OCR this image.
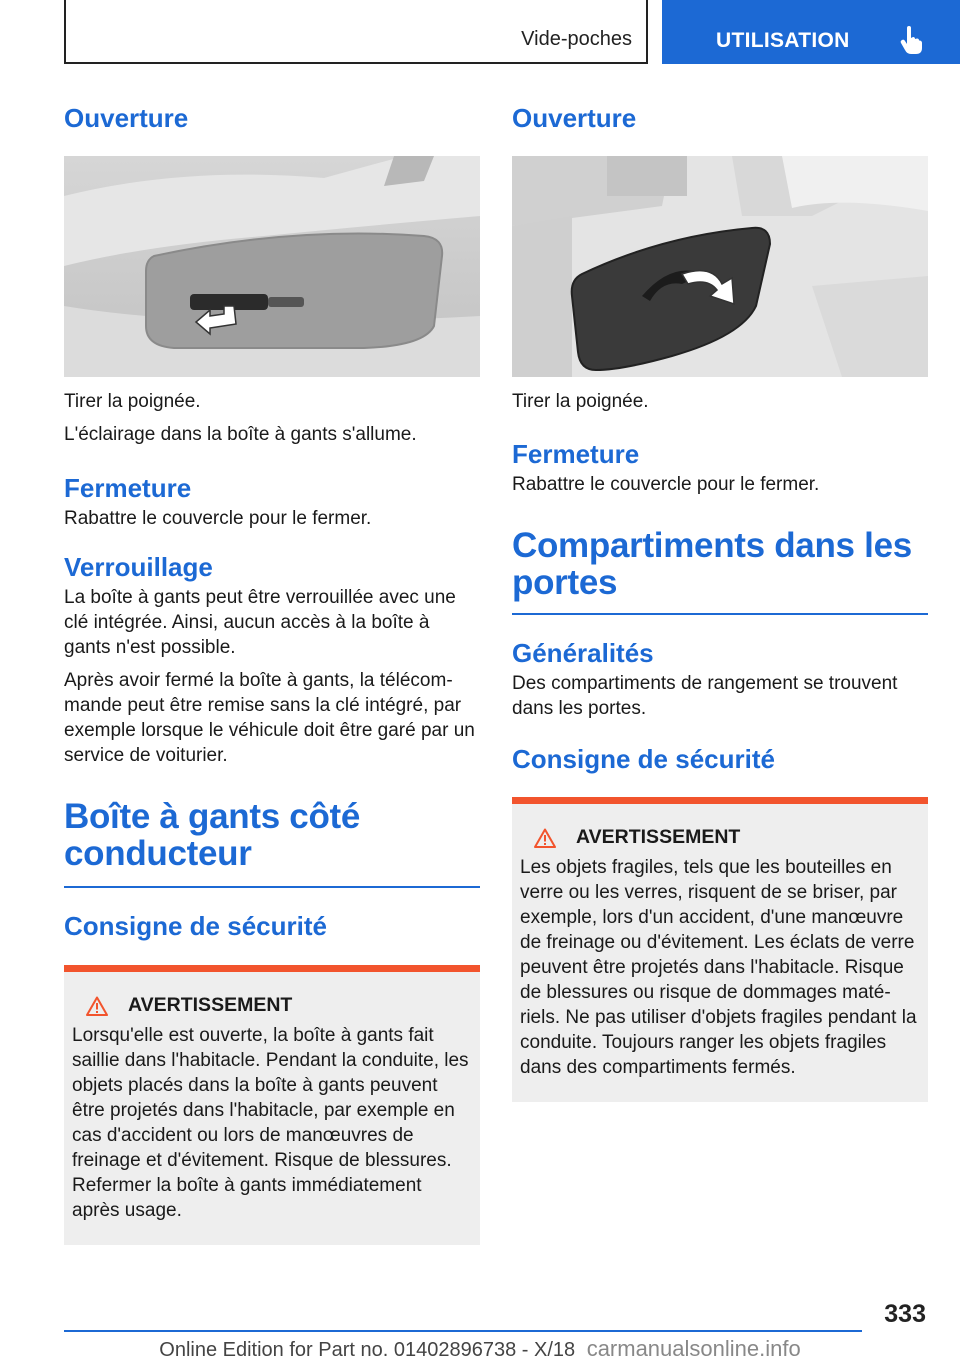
Vide-poches	UTILISATION
Ouverture

Tirer la poignée.

L'éclairage dans la boîte à gants s'allume.

Fermeture

Rabattre le couvercle pour le fermer.

Verrouillage

La boîte à gants peut être verrouillée avec une clé intégrée. Ainsi, aucun accès à la boîte à gants n'est possible.

Après avoir fermé la boîte à gants, la télécommande peut être remise sans la clé intégré, par exemple lorsque le véhicule doit être garé par un service de voiturier.

Boîte à gants côté conducteur
Consigne de sécurité
AVERTISSEMENT

Lorsqu'elle est ouverte, la boîte à gants fait saillie dans l'habitacle. Pendant la conduite, les objets placés dans la boîte à gants peuvent être projetés dans l'habitacle, par exemple en cas d'accident ou lors de manœuvres de freinage et d'évitement. Risque de blessures. Refermer la boîte à gants immédiatement après usage.

Ouverture

Tirer la poignée.

Fermeture

Rabattre le couvercle pour le fermer.

Compartiments dans les portes
Généralités

Des compartiments de rangement se trouvent dans les portes.

Consigne de sécurité
AVERTISSEMENT

Les objets fragiles, tels que les bouteilles en verre ou les verres, risquent de se briser, par exemple, lors d'un accident, d'une manœuvre de freinage ou d'évitement. Les éclats de verre peuvent être projetés dans l'habitacle. Risque de blessures ou risque de dommages matériels. Ne pas utiliser d'objets fragiles pendant la conduite. Toujours ranger les objets fragiles dans des compartiments fermés.

333
Online Edition for Part no. 01402896738 - X/18 carmanualsonline.info
